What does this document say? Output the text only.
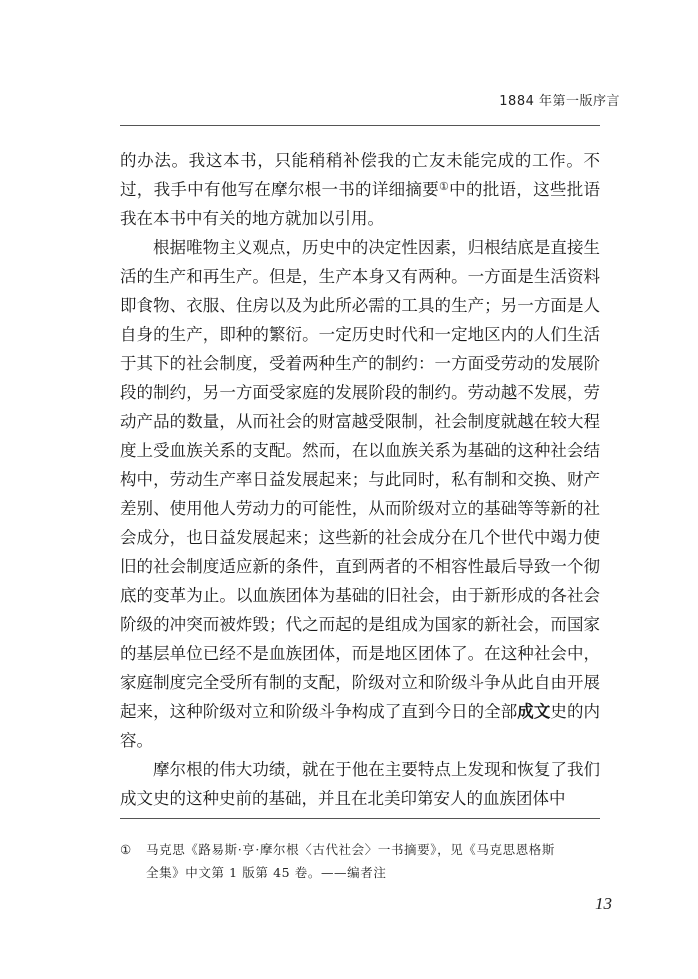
1884 年第一版序言

的办法。我这本书，只能稍稍补偿我的亡友未能完成的工作。不过，我手中有他写在摩尔根一书的详细摘要①中的批语，这些批语我在本书中有关的地方就加以引用。

根据唯物主义观点，历史中的决定性因素，归根结底是直接生活的生产和再生产。但是，生产本身又有两种。一方面是生活资料即食物、衣服、住房以及为此所必需的工具的生产；另一方面是人自身的生产，即种的繁衍。一定历史时代和一定地区内的人们生活于其下的社会制度，受着两种生产的制约：一方面受劳动的发展阶段的制约，另一方面受家庭的发展阶段的制约。劳动越不发展，劳动产品的数量，从而社会的财富越受限制，社会制度就越在较大程度上受血族关系的支配。然而，在以血族关系为基础的这种社会结构中，劳动生产率日益发展起来；与此同时，私有制和交换、财产差别、使用他人劳动力的可能性，从而阶级对立的基础等等新的社会成分，也日益发展起来；这些新的社会成分在几个世代中竭力使旧的社会制度适应新的条件，直到两者的不相容性最后导致一个彻底的变革为止。以血族团体为基础的旧社会，由于新形成的各社会阶级的冲突而被炸毁；代之而起的是组成为国家的新社会，而国家的基层单位已经不是血族团体，而是地区团体了。在这种社会中，家庭制度完全受所有制的支配，阶级对立和阶级斗争从此自由开展起来，这种阶级对立和阶级斗争构成了直到今日的全部成文史的内容。

摩尔根的伟大功绩，就在于他在主要特点上发现和恢复了我们成文史的这种史前的基础，并且在北美印第安人的血族团体中

① 马克思《路易斯·亨·摩尔根〈古代社会〉一书摘要》，见《马克思恩格斯
全集》中文第 1 版第 45 卷。——编者注
13
